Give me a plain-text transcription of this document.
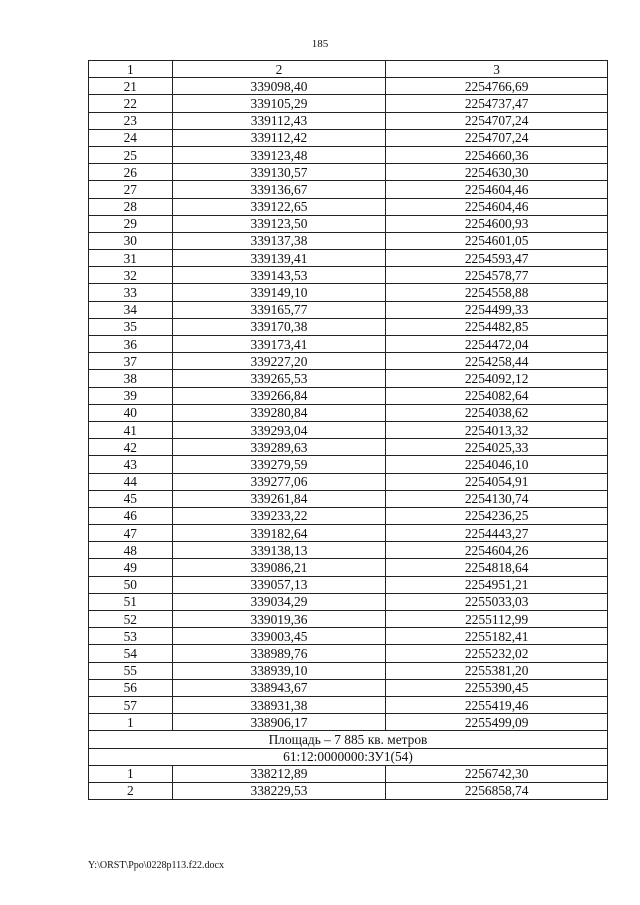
185
1	2	3
21	339098,40	2254766,69
22	339105,29	2254737,47
23	339112,43	2254707,24
24	339112,42	2254707,24
25	339123,48	2254660,36
26	339130,57	2254630,30
27	339136,67	2254604,46
28	339122,65	2254604,46
29	339123,50	2254600,93
30	339137,38	2254601,05
31	339139,41	2254593,47
32	339143,53	2254578,77
33	339149,10	2254558,88
34	339165,77	2254499,33
35	339170,38	2254482,85
36	339173,41	2254472,04
37	339227,20	2254258,44
38	339265,53	2254092,12
39	339266,84	2254082,64
40	339280,84	2254038,62
41	339293,04	2254013,32
42	339289,63	2254025,33
43	339279,59	2254046,10
44	339277,06	2254054,91
45	339261,84	2254130,74
46	339233,22	2254236,25
47	339182,64	2254443,27
48	339138,13	2254604,26
49	339086,21	2254818,64
50	339057,13	2254951,21
51	339034,29	2255033,03
52	339019,36	2255112,99
53	339003,45	2255182,41
54	338989,76	2255232,02
55	338939,10	2255381,20
56	338943,67	2255390,45
57	338931,38	2255419,46
1	338906,17	2255499,09
Площадь – 7 885 кв. метров		
61:12:0000000:ЗУ1(54)		
1	338212,89	2256742,30
2	338229,53	2256858,74
Y:\ORST\Ppo\0228p113.f22.docx
